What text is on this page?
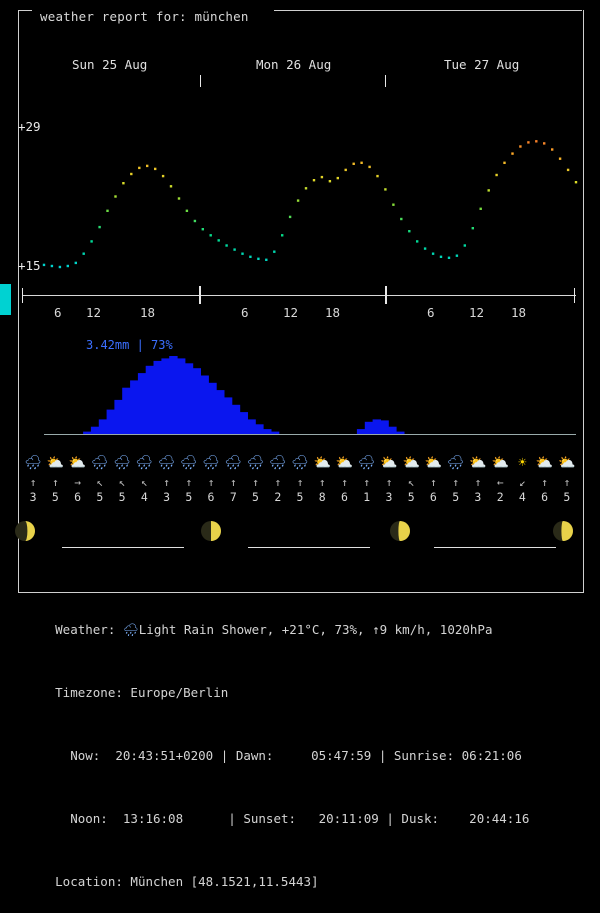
weather report for: münchen
Sun 25 Aug	Mon 26 Aug	Tue 27 Aug
+29
+15
6 12	18	6	12 18	6	12 18
3.42mm | 73%
🌧 ⛅ ⛅ 🌧 🌧 🌧 🌧 🌧 🌧 🌧 🌧 🌧 🌧 ⛅ ⛅ 🌧 ⛅ ⛅ ⛅ 🌧 ⛅ ⛅ ☀ ⛅ ⛅
↑	↑	→	↖	↖	↖	↑	↑	↑	↑	↑	↑	↑	↑	↑	↑	↑	↖	↑	↑	↑	←	↙	↑	↑
3	5	6	5	5	4	3	5	6	7	5	2	5	8	6	1	3	5	6	5	3	2	4	6	5

Weather: 🌧Light Rain Shower, +21°C, 73%, ↑9 km/h, 1020hPa

Timezone: Europe/Berlin

Now: 20:43:51+0200 | Dawn:	05:47:59 | Sunrise: 06:21:06

Noon: 13:16:08	| Sunset: 20:11:09 | Dusk: 20:44:16

Location: München [48.1521,11.5443]
